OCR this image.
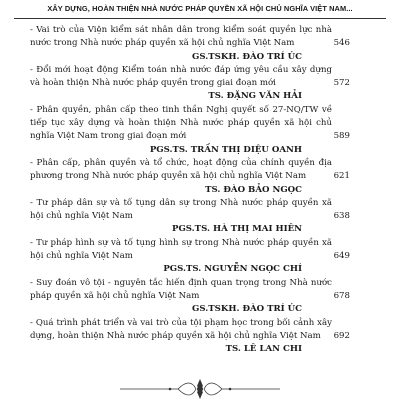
XÂY DỰNG, HOÀN THIỆN NHÀ NƯỚC PHÁP QUYỀN XÃ HỘI CHỦ NGHĨA VIỆT NAM...
- Vai trò của Viện kiểm sát nhân dân trong kiểm soát quyền lực nhà nước trong Nhà nước pháp quyền xã hội chủ nghĩa Việt Nam	546
GS.TSKH. ĐÀO TRÍ ÚC
- Đổi mới hoạt động Kiểm toán nhà nước đáp ứng yêu cầu xây dựng và hoàn thiện Nhà nước pháp quyền trong giai đoạn mới	572
TS. ĐẶNG VĂN HẢI
- Phân quyền, phân cấp theo tinh thần Nghị quyết số 27-NQ/TW về tiếp tục xây dựng và hoàn thiện Nhà nước pháp quyền xã hội chủ nghĩa Việt Nam trong giai đoạn mới	589
PGS.TS. TRẦN THỊ DIỆU OANH
- Phân cấp, phân quyền và tổ chức, hoạt động của chính quyền địa phương trong Nhà nước pháp quyền xã hội chủ nghĩa Việt Nam	621
TS. ĐÀO BẢO NGỌC
- Tư pháp dân sự và tố tụng dân sự trong Nhà nước pháp quyền xã hội chủ nghĩa Việt Nam	638
PGS.TS. HÀ THỊ MAI HIÊN
- Tư pháp hình sự và tố tụng hình sự trong Nhà nước pháp quyền xã hội chủ nghĩa Việt Nam	649
PGS.TS. NGUYỄN NGỌC CHÍ
- Suy đoán vô tội - nguyên tắc hiến định quan trọng trong Nhà nước pháp quyền xã hội chủ nghĩa Việt Nam	678
GS.TSKH. ĐÀO TRÍ ÚC
- Quá trình phát triển và vai trò của tội phạm học trong bối cảnh xây dựng, hoàn thiện Nhà nước pháp quyền xã hội chủ nghĩa Việt Nam 692
TS. LÊ LAN CHI
